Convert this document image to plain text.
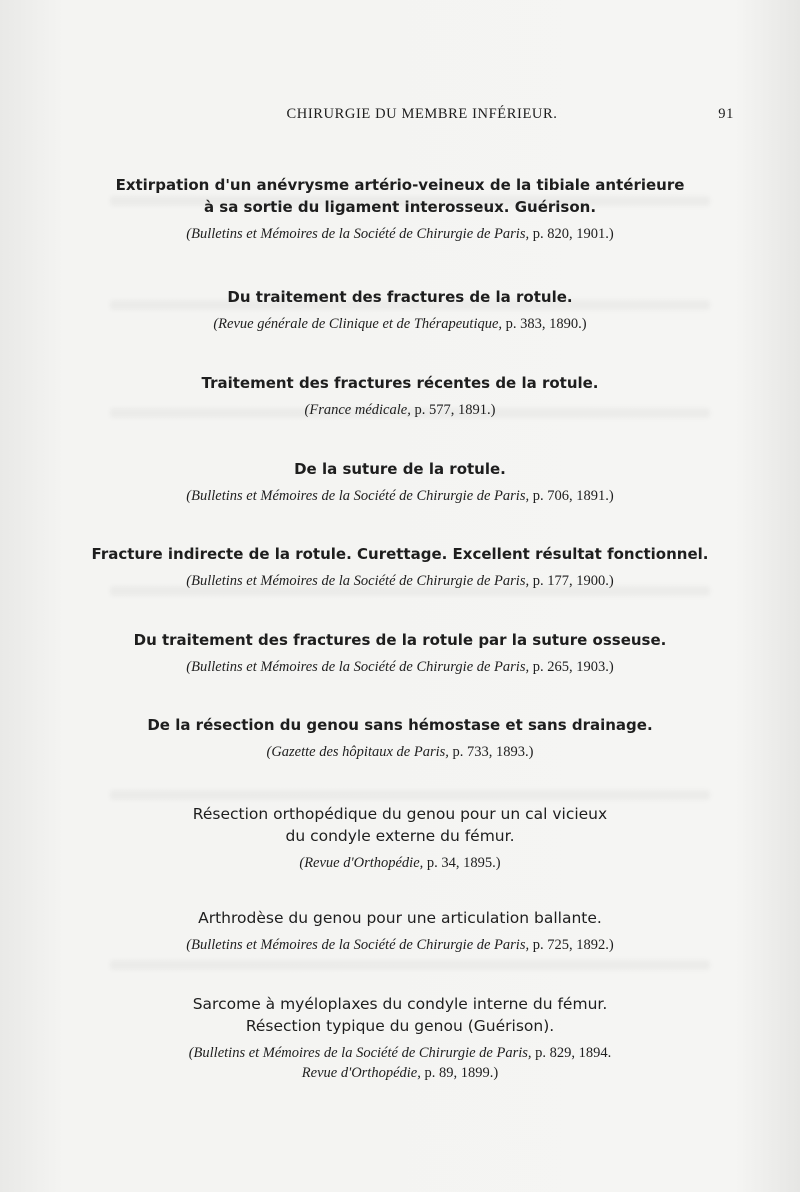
CHIRURGIE DU MEMBRE INFÉRIEUR.	91
Extirpation d'un anévrysme artério-veineux de la tibiale antérieure
à sa sortie du ligament interosseux. Guérison.
(Bulletins et Mémoires de la Société de Chirurgie de Paris, p. 820, 1901.)
Du traitement des fractures de la rotule.
(Revue générale de Clinique et de Thérapeutique, p. 383, 1890.)
Traitement des fractures récentes de la rotule.
(France médicale, p. 577, 1891.)
De la suture de la rotule.
(Bulletins et Mémoires de la Société de Chirurgie de Paris, p. 706, 1891.)
Fracture indirecte de la rotule. Curettage. Excellent résultat fonctionnel.
(Bulletins et Mémoires de la Société de Chirurgie de Paris, p. 177, 1900.)
Du traitement des fractures de la rotule par la suture osseuse.
(Bulletins et Mémoires de la Société de Chirurgie de Paris, p. 265, 1903.)
De la résection du genou sans hémostase et sans drainage.
(Gazette des hôpitaux de Paris, p. 733, 1893.)
Résection orthopédique du genou pour un cal vicieux
du condyle externe du fémur.
(Revue d'Orthopédie, p. 34, 1895.)
Arthrodèse du genou pour une articulation ballante.
(Bulletins et Mémoires de la Société de Chirurgie de Paris, p. 725, 1892.)
Sarcome à myéloplaxes du condyle interne du fémur.
Résection typique du genou (Guérison).
(Bulletins et Mémoires de la Société de Chirurgie de Paris, p. 829, 1894.
Revue d'Orthopédie, p. 89, 1899.)
